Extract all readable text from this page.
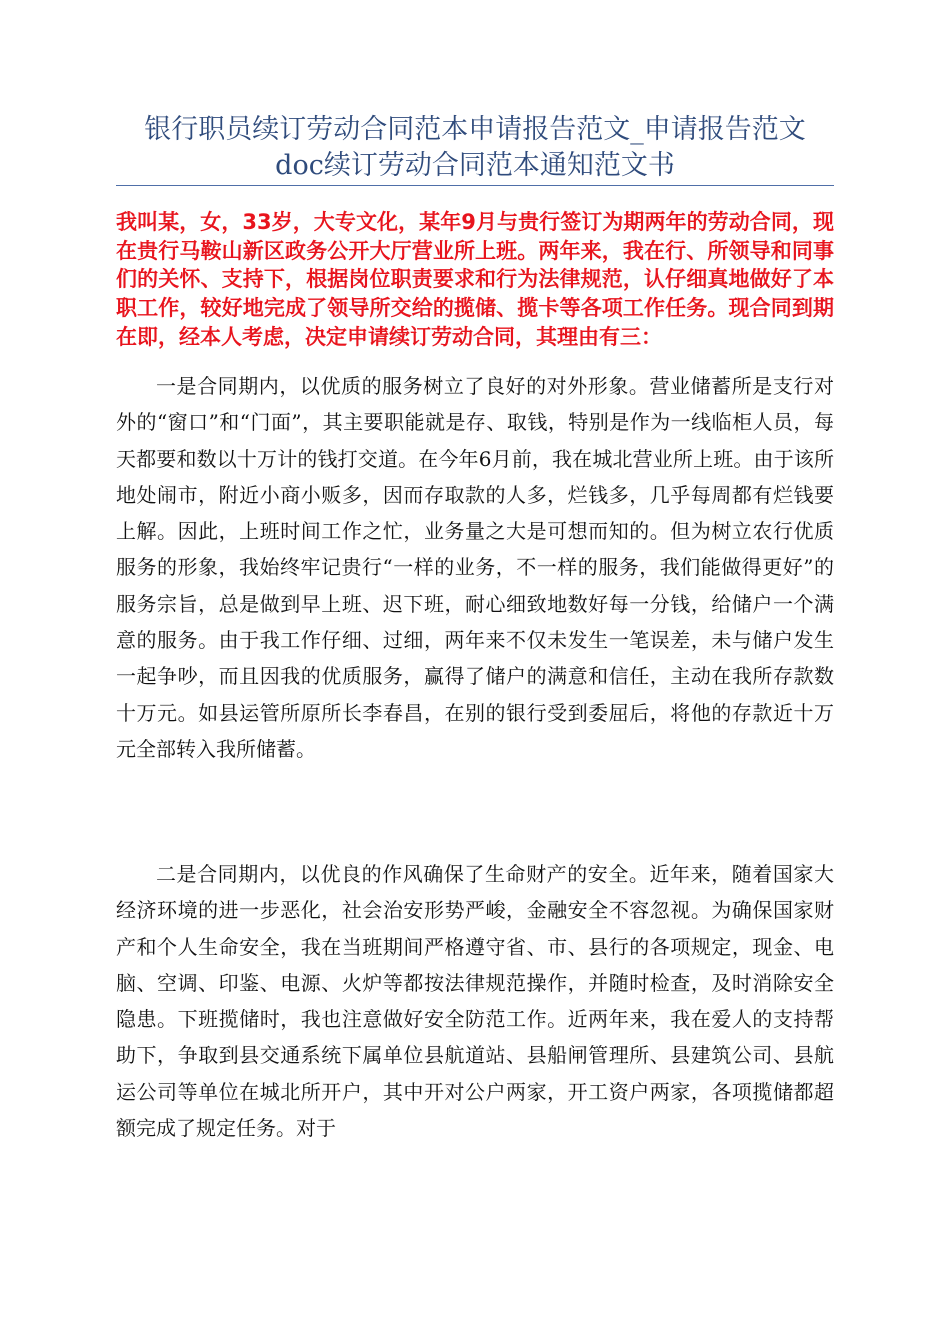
银行职员续订劳动合同范本申请报告范文_申请报告范文
doc续订劳动合同范本通知范文书

我叫某，女，33岁，大专文化，某年9月与贵行签订为期两年的劳动合同，现在贵行马鞍山新区政务公开大厅营业所上班。两年来，我在行、所领导和同事们的关怀、支持下，根据岗位职责要求和行为法律规范，认仔细真地做好了本职工作，较好地完成了领导所交给的揽储、揽卡等各项工作任务。现合同到期在即，经本人考虑，决定申请续订劳动合同，其理由有三：

一是合同期内，以优质的服务树立了良好的对外形象。营业储蓄所是支行对外的“窗口”和“门面”，其主要职能就是存、取钱，特别是作为一线临柜人员，每天都要和数以十万计的钱打交道。在今年6月前，我在城北营业所上班。由于该所地处闹市，附近小商小贩多，因而存取款的人多，烂钱多，几乎每周都有烂钱要上解。因此，上班时间工作之忙，业务量之大是可想而知的。但为树立农行优质服务的形象，我始终牢记贵行“一样的业务，不一样的服务，我们能做得更好”的服务宗旨，总是做到早上班、迟下班，耐心细致地数好每一分钱，给储户一个满意的服务。由于我工作仔细、过细，两年来不仅未发生一笔误差，未与储户发生一起争吵，而且因我的优质服务，赢得了储户的满意和信任，主动在我所存款数十万元。如县运管所原所长李春昌，在别的银行受到委屈后，将他的存款近十万元全部转入我所储蓄。

二是合同期内，以优良的作风确保了生命财产的安全。近年来，随着国家大经济环境的进一步恶化，社会治安形势严峻，金融安全不容忽视。为确保国家财产和个人生命安全，我在当班期间严格遵守省、市、县行的各项规定，现金、电脑、空调、印鉴、电源、火炉等都按法律规范操作，并随时检查，及时消除安全隐患。下班揽储时，我也注意做好安全防范工作。近两年来，我在爱人的支持帮助下，争取到县交通系统下属单位县航道站、县船闸管理所、县建筑公司、县航运公司等单位在城北所开户，其中开对公户两家，开工资户两家，各项揽储都超额完成了规定任务。对于
